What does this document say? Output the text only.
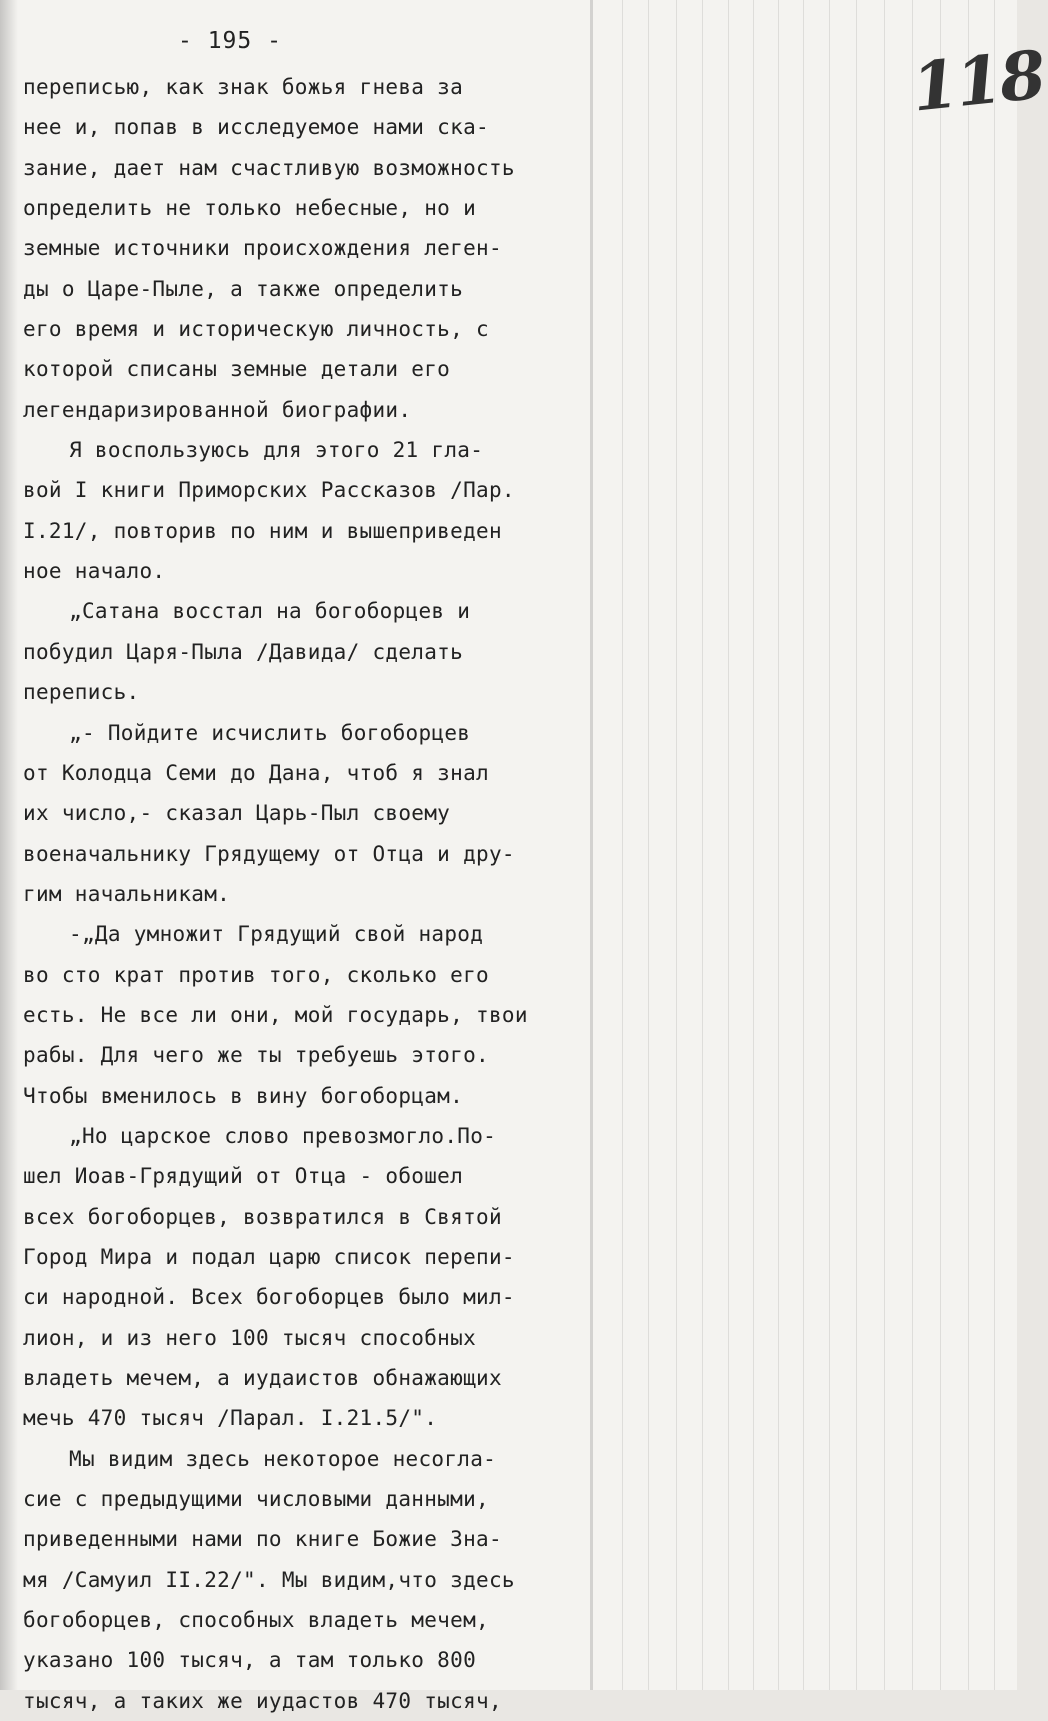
- 195 -	118
переписью, как знак божья гнева за
нее и, попав в исследуемое нами ска-
зание, дает нам счастливую возможность
определить не только небесные, но и
земные источники происхождения леген-
ды о Царе-Пыле, а также определить
его время и историческую личность, с
которой списаны земные детали его
легендаризированной биографии.
Я воспользуюсь для этого 21 гла-
вой I книги Приморских Рассказов /Пар.
I.21/, повторив по ним и вышеприведен
ное начало.
„Сатана восстал на богоборцев и
побудил Царя-Пыла /Давида/ сделать
перепись.
„- Пойдите исчислить богоборцев
от Колодца Семи до Дана, чтоб я знал
их число,- сказал Царь-Пыл своему
военачальнику Грядущему от Отца и дру-
гим начальникам.
-„Да умножит Грядущий свой народ
во сто крат против того, сколько его
есть. Не все ли они, мой государь, твои
рабы. Для чего же ты требуешь этого.
Чтобы вменилось в вину богоборцам.
„Но царское слово превозмогло.По-
шел Иоав-Грядущий от Отца - обошел
всех богоборцев, возвратился в Святой
Город Мира и подал царю список перепи-
си народной. Всех богоборцев было мил-
лион, и из него 100 тысяч способных
владеть мечем, а иудаистов обнажающих
мечь 470 тысяч /Парал. I.21.5/".
Мы видим здесь некоторое несогла-
сие с предыдущими числовыми данными,
приведенными нами по книге Божие Зна-
мя /Самуил II.22/". Мы видим,что здесь
богоборцев, способных владеть мечем,
указано 100 тысяч, а там только 800
тысяч, а таких же иудастов 470 тысяч,
